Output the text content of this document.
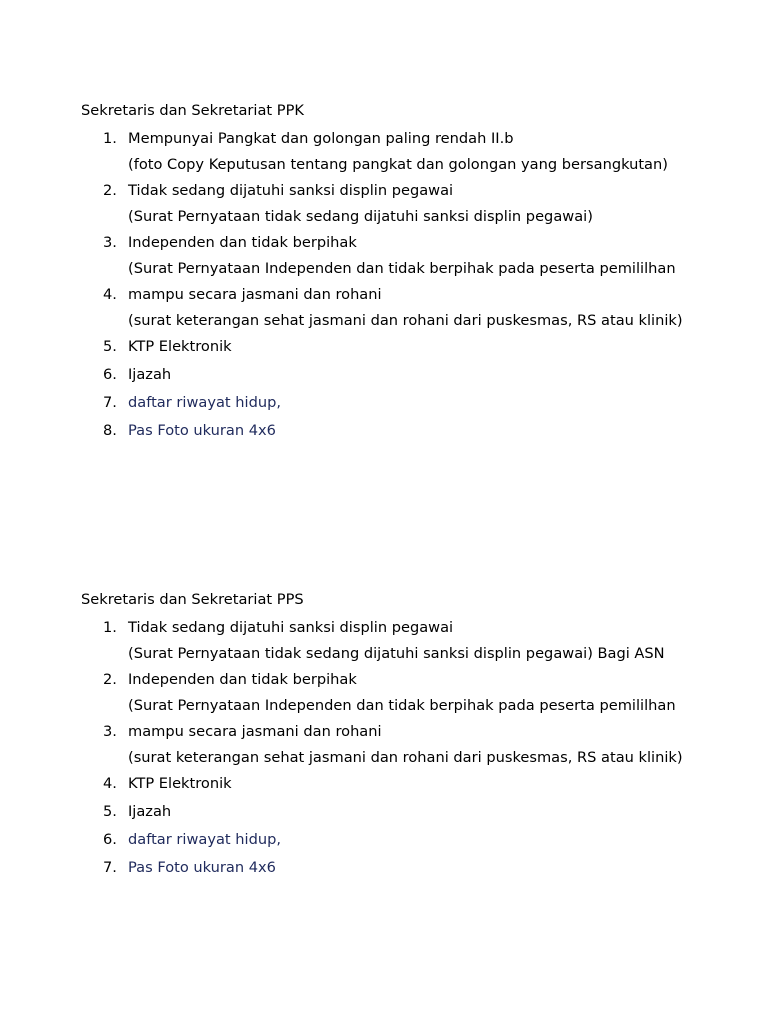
Sekretaris dan Sekretariat PPK
1. Mempunyai Pangkat dan golongan paling rendah II.b
(foto Copy Keputusan tentang pangkat dan golongan yang bersangkutan)
2. Tidak sedang dijatuhi sanksi displin pegawai
(Surat Pernyataan tidak sedang dijatuhi sanksi displin pegawai)
3. Independen dan tidak berpihak
(Surat Pernyataan Independen dan tidak berpihak pada peserta pemililhan
4. mampu secara jasmani dan rohani
(surat keterangan sehat jasmani dan rohani dari puskesmas, RS atau klinik)
5. KTP Elektronik
6. Ijazah
7. daftar riwayat hidup,
8. Pas Foto ukuran 4x6
Sekretaris dan Sekretariat PPS
1. Tidak sedang dijatuhi sanksi displin pegawai
(Surat Pernyataan tidak sedang dijatuhi sanksi displin pegawai) Bagi ASN
2. Independen dan tidak berpihak
(Surat Pernyataan Independen dan tidak berpihak pada peserta pemililhan
3. mampu secara jasmani dan rohani
(surat keterangan sehat jasmani dan rohani dari puskesmas, RS atau klinik)
4. KTP Elektronik
5. Ijazah
6. daftar riwayat hidup,
7. Pas Foto ukuran 4x6
